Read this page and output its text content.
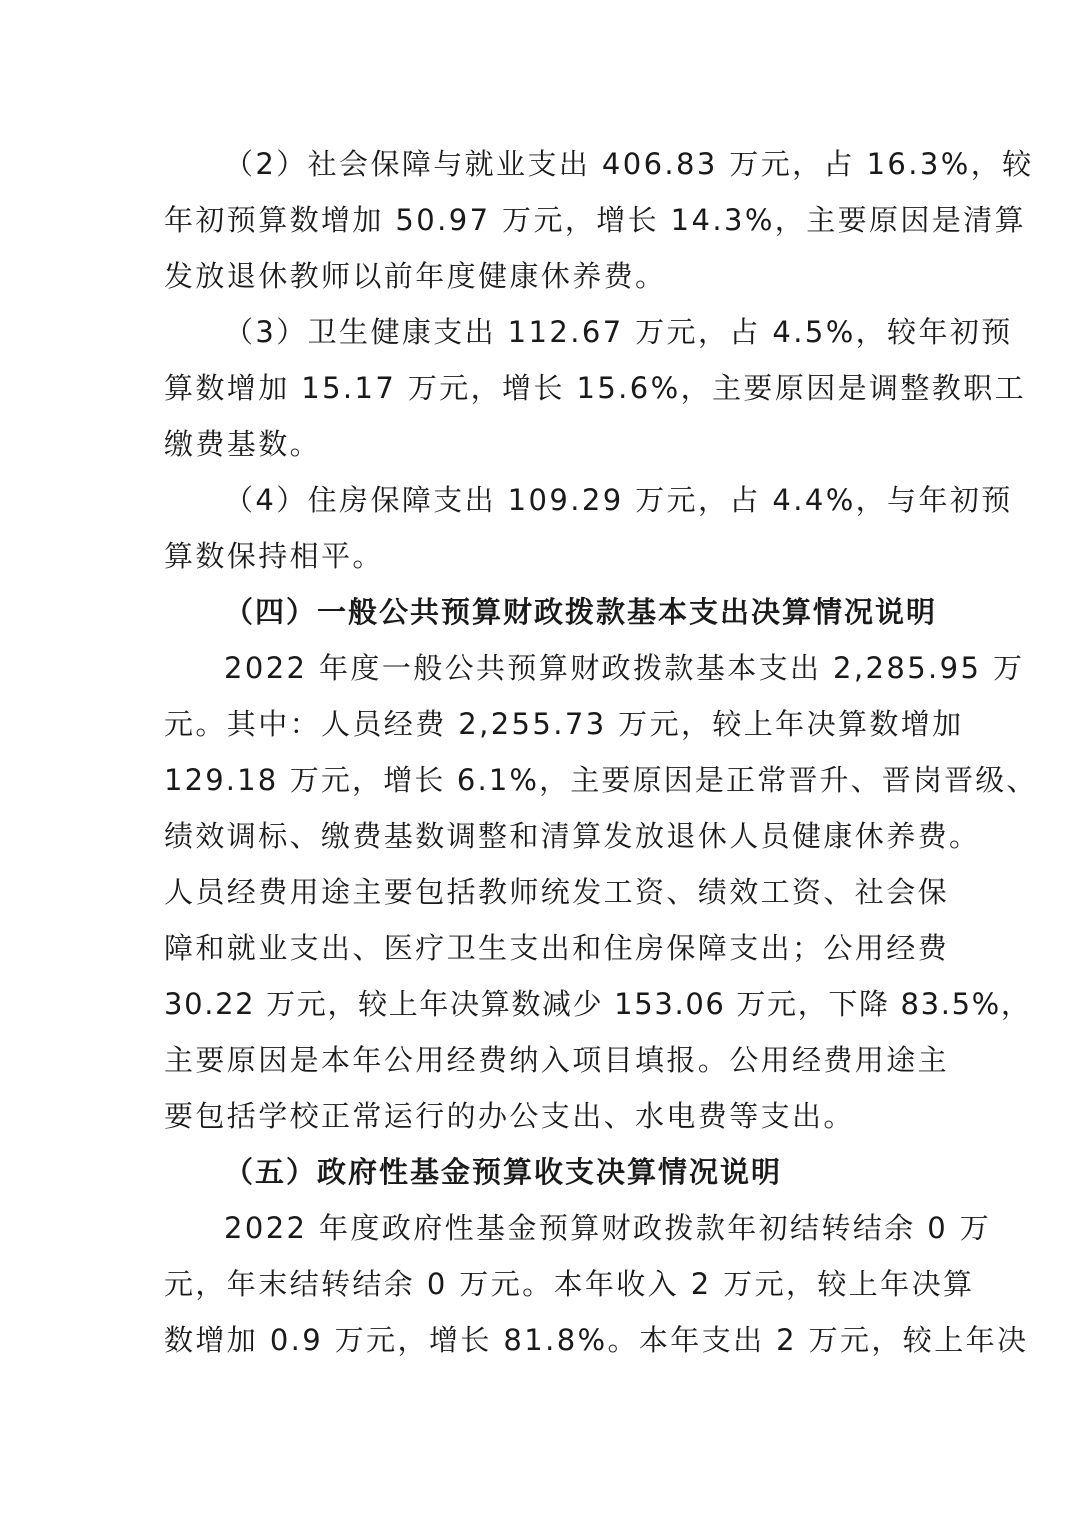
（2）社会保障与就业支出 406.83 万元，占 16.3%，较
年初预算数增加 50.97 万元，增长 14.3%，主要原因是清算
发放退休教师以前年度健康休养费。
（3）卫生健康支出 112.67 万元，占 4.5%，较年初预
算数增加 15.17 万元，增长 15.6%，主要原因是调整教职工
缴费基数。
（4）住房保障支出 109.29 万元，占 4.4%，与年初预
算数保持相平。
（四）一般公共预算财政拨款基本支出决算情况说明
2022 年度一般公共预算财政拨款基本支出 2,285.95 万
元。其中：人员经费 2,255.73 万元，较上年决算数增加
129.18 万元，增长 6.1%，主要原因是正常晋升、晋岗晋级、
绩效调标、缴费基数调整和清算发放退休人员健康休养费。
人员经费用途主要包括教师统发工资、绩效工资、社会保
障和就业支出、医疗卫生支出和住房保障支出；公用经费
30.22 万元，较上年决算数减少 153.06 万元，下降 83.5%，
主要原因是本年公用经费纳入项目填报。公用经费用途主
要包括学校正常运行的办公支出、水电费等支出。
（五）政府性基金预算收支决算情况说明
2022 年度政府性基金预算财政拨款年初结转结余 0 万
元，年末结转结余 0 万元。本年收入 2 万元，较上年决算
数增加 0.9 万元，增长 81.8%。本年支出 2 万元，较上年决
